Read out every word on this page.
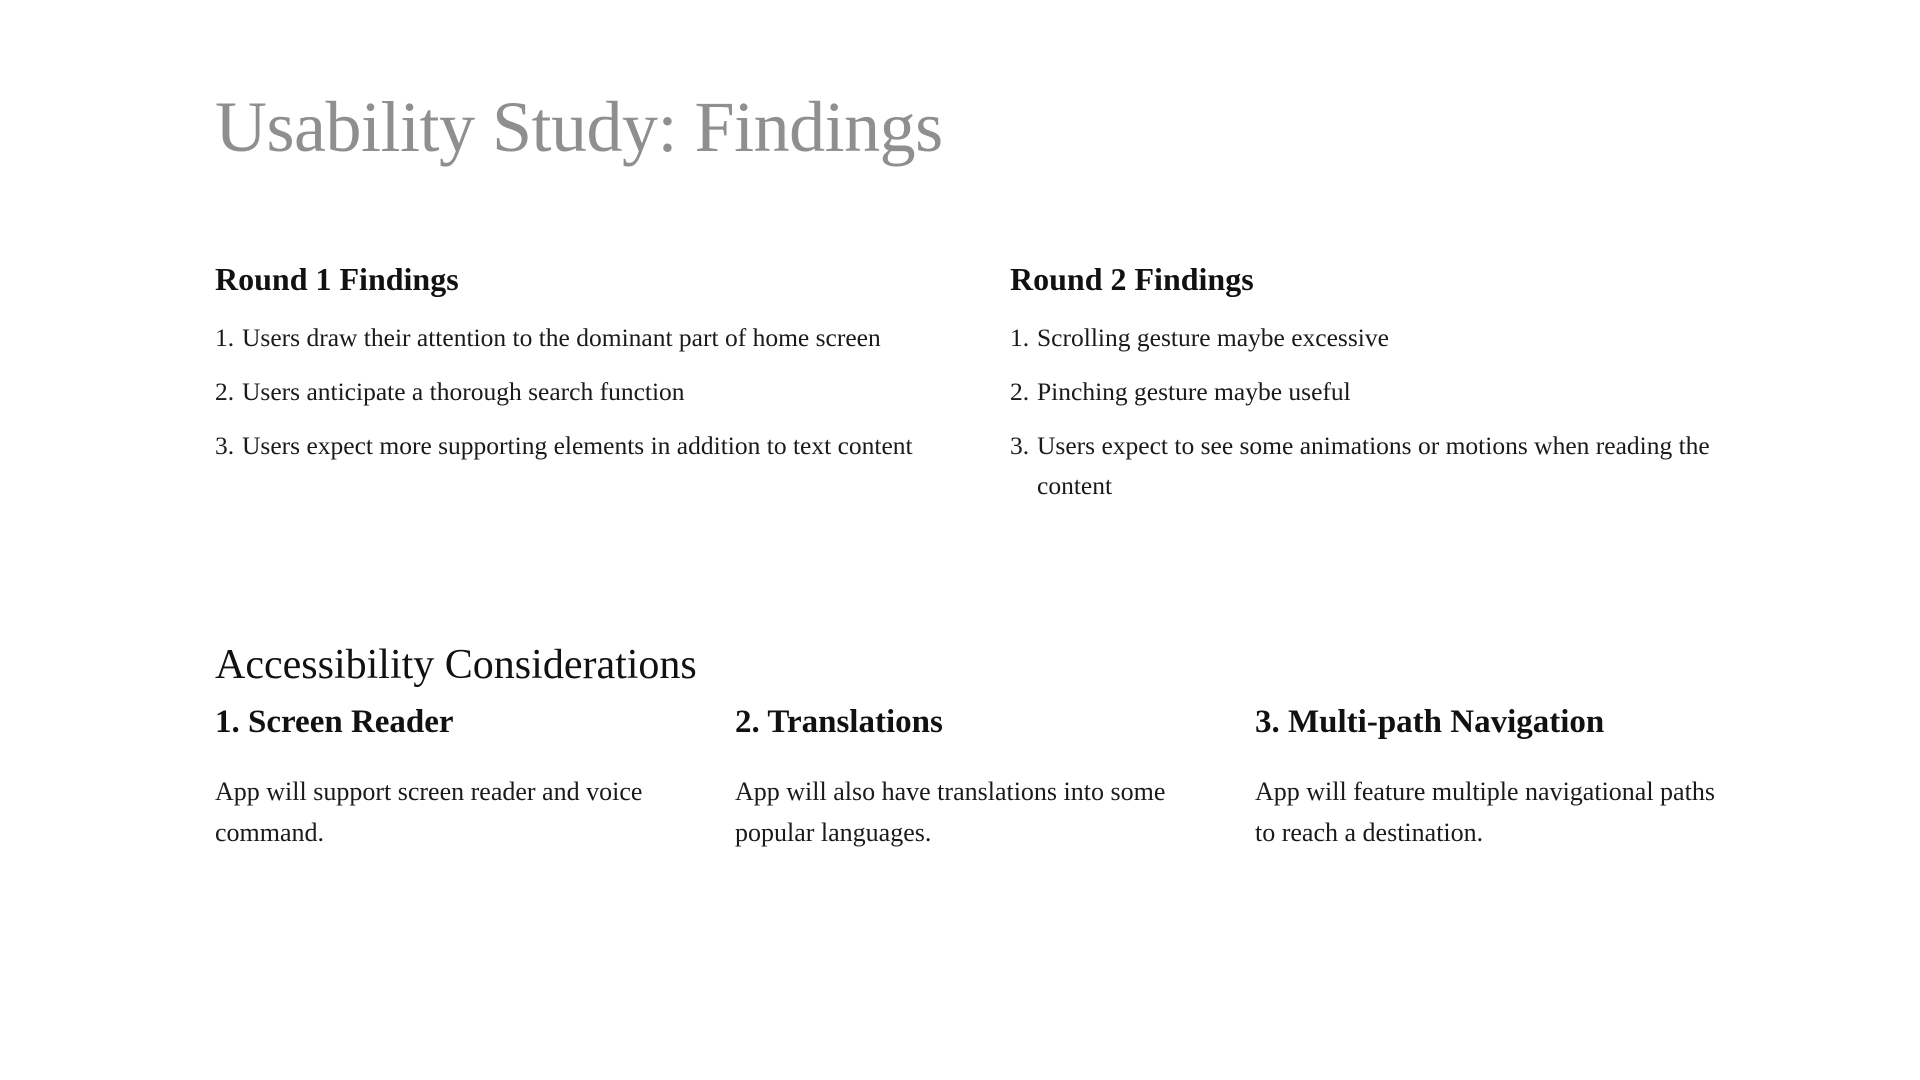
Usability Study: Findings
Round 1 Findings
1. Users draw their attention to the dominant part of home screen
2. Users anticipate a thorough search function
3. Users expect more supporting elements in addition to text content
Round 2 Findings
1. Scrolling gesture maybe excessive
2. Pinching gesture maybe useful
3. Users expect to see some animations or motions when reading the content
Accessibility Considerations
1. Screen Reader

App will support screen reader and voice command.

2. Translations

App will also have translations into some popular languages.

3. Multi-path Navigation

App will feature multiple navigational paths to reach a destination.
